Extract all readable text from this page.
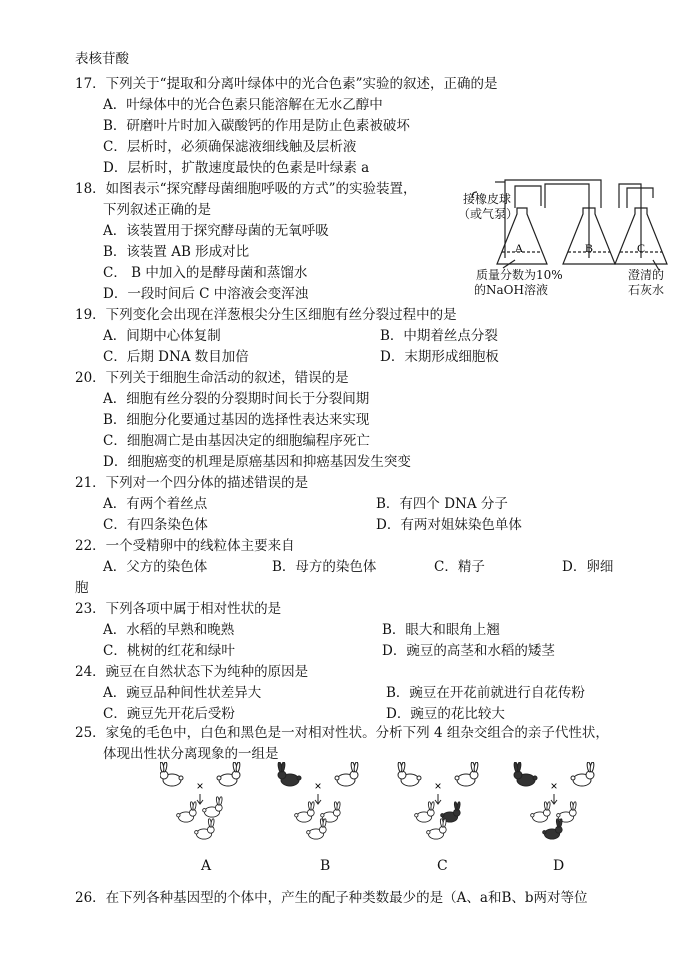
表核苷酸
17．下列关于“提取和分离叶绿体中的光合色素”实验的叙述，正确的是
A．叶绿体中的光合色素只能溶解在无水乙醇中
B．研磨叶片时加入碳酸钙的作用是防止色素被破坏
C．层析时，必须确保滤液细线触及层析液
D．层析时，扩散速度最快的色素是叶绿素 a
18．如图表示“探究酵母菌细胞呼吸的方式”的实验装置，
下列叙述正确的是
A．该装置用于探究酵母菌的无氧呼吸
B．该装置 AB 形成对比
C． B 中加入的是酵母菌和蒸馏水
D．一段时间后 C 中溶液会变浑浊
A	B	C
接橡皮球
（或气泵）
质量分数为10%
的NaOH溶液
澄清的
石灰水
19．下列变化会出现在洋葱根尖分生区细胞有丝分裂过程中的是
A．间期中心体复制	B．中期着丝点分裂
C．后期 DNA 数目加倍	D．末期形成细胞板
20．下列关于细胞生命活动的叙述，错误的是
A．细胞有丝分裂的分裂期时间长于分裂间期
B．细胞分化要通过基因的选择性表达来实现
C．细胞凋亡是由基因决定的细胞编程序死亡
D．细胞癌变的机理是原癌基因和抑癌基因发生突变
21．下列对一个四分体的描述错误的是
A．有两个着丝点	B．有四个 DNA 分子
C．有四条染色体	D．有两对姐妹染色单体
22．一个受精卵中的线粒体主要来自
A．父方的染色体	B．母方的染色体	C．精子	D．卵细
胞
23．下列各项中属于相对性状的是
A．水稻的早熟和晚熟	B．眼大和眼角上翘
C．桃树的红花和绿叶	D．豌豆的高茎和水稻的矮茎
24．豌豆在自然状态下为纯种的原因是
A．豌豆品种间性状差异大	B．豌豆在开花前就进行自花传粉
C．豌豆先开花后受粉	D．豌豆的花比较大
25．家兔的毛色中，白色和黑色是一对相对性状。分析下列 4 组杂交组合的亲子代性状，
体现出性状分离现象的一组是
×	×	×	×
A	B	C	D
26．在下列各种基因型的个体中，产生的配子种类数最少的是（A、a和B、b两对等位
